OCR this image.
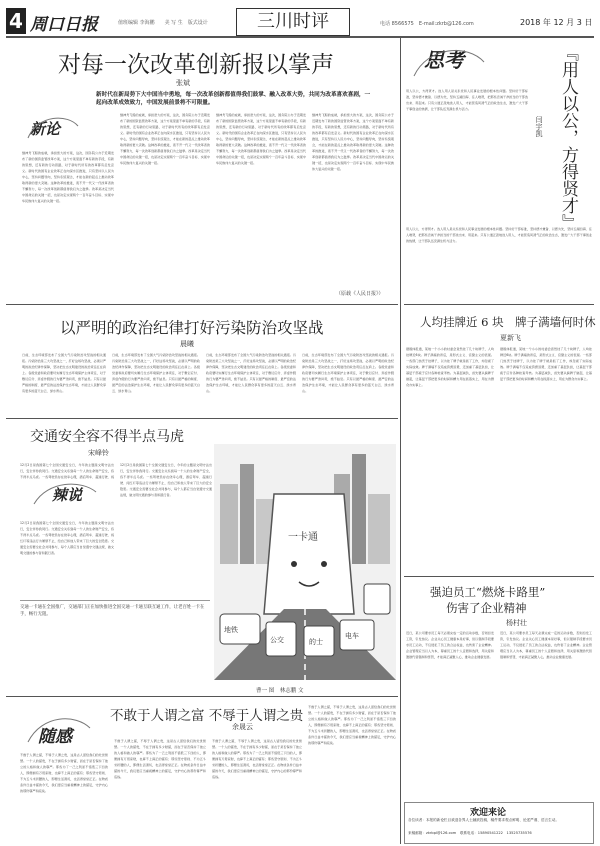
4 周口日报	值班编辑 李海鹏　　美 写 生　版式设计	三川时评	电话 8566575　E-mail:zkrb@126.com	2018 年 12 月 3 日
对每一次改革创新报以掌声
张斌
新时代在新局势下大中国当中勇地，每一次改革创新都值得我们鼓掌、融入改革大势，共同为改革喜欢喜剧，一起向改革成效致力，中国发展前景将不可限量。
新论
继神舟飞船的成就，承担宽大的方案，这次，国务院公办于近期发布了新的国资监管改革方案，这个方案里面不单有新的手段，有新的思想，还有新的行动思路，对于新时代所有的改革都有启发意义。新时代的国有企业改革正在向深水区推进，只有坚持以人民为中心，坚持问题导向，坚持系统观念，才能在新的起点上推动改革取得新的更大突破。这种改革的推进，离不开一代又一代改革者的不懈努力，每一次改革创新都值得我们为之鼓掌。改革是决定当代中国命运的关键一招，也是决定实现两个一百年奋斗目标、实现中华民族伟大复兴的关键一招。
继神舟飞船的成就，承担宽大的方案，这次，国务院公办于近期发布了新的国资监管改革方案，这个方案里面不单有新的手段，有新的思想，还有新的行动思路，对于新时代所有的改革都有启发意义。新时代的国有企业改革正在向深水区推进，只有坚持以人民为中心，坚持问题导向，坚持系统观念，才能在新的起点上推动改革取得新的更大突破。这种改革的推进，离不开一代又一代改革者的不懈努力，每一次改革创新都值得我们为之鼓掌。改革是决定当代中国命运的关键一招，也是决定实现两个一百年奋斗目标、实现中华民族伟大复兴的关键一招。
继神舟飞船的成就，承担宽大的方案，这次，国务院公办于近期发布了新的国资监管改革方案，这个方案里面不单有新的手段，有新的思想，还有新的行动思路，对于新时代所有的改革都有启发意义。新时代的国有企业改革正在向深水区推进，只有坚持以人民为中心，坚持问题导向，坚持系统观念，才能在新的起点上推动改革取得新的更大突破。这种改革的推进，离不开一代又一代改革者的不懈努力，每一次改革创新都值得我们为之鼓掌。改革是决定当代中国命运的关键一招，也是决定实现两个一百年奋斗目标、实现中华民族伟大复兴的关键一招。
继神舟飞船的成就，承担宽大的方案，这次，国务院公办于近期发布了新的国资监管改革方案，这个方案里面不单有新的手段，有新的思想，还有新的行动思路，对于新时代所有的改革都有启发意义。新时代的国有企业改革正在向深水区推进，只有坚持以人民为中心，坚持问题导向，坚持系统观念，才能在新的起点上推动改革取得新的更大突破。这种改革的推进，离不开一代又一代改革者的不懈努力，每一次改革创新都值得我们为之鼓掌。改革是决定当代中国命运的关键一招，也是决定实现两个一百年奋斗目标、实现中华民族伟大复兴的关键一招。
（原载《人民日报》）
以严明的政治纪律打好污染防治攻坚战
晨曦
日前，生态环境部发布了全国大气污染防治攻坚战的相关通报。污染防治是三大攻坚战之一，打好这场攻坚战，必须以严明的政治纪律作保障，坚决把生态文明建设的政治责任扛在肩上。各级党委和政府要切实履行生态环境保护主体责任，对于敷衍应付、弄虚作假的行为要严肃问责，绝不姑息。只有以最严格的制度、最严密的法治保护生态环境，才能让人民群众享有更多的蓝天白云、绿水青山。
日前，生态环境部发布了全国大气污染防治攻坚战的相关通报。污染防治是三大攻坚战之一，打好这场攻坚战，必须以严明的政治纪律作保障，坚决把生态文明建设的政治责任扛在肩上。各级党委和政府要切实履行生态环境保护主体责任，对于敷衍应付、弄虚作假的行为要严肃问责，绝不姑息。只有以最严格的制度、最严密的法治保护生态环境，才能让人民群众享有更多的蓝天白云、绿水青山。
日前，生态环境部发布了全国大气污染防治攻坚战的相关通报。污染防治是三大攻坚战之一，打好这场攻坚战，必须以严明的政治纪律作保障，坚决把生态文明建设的政治责任扛在肩上。各级党委和政府要切实履行生态环境保护主体责任，对于敷衍应付、弄虚作假的行为要严肃问责，绝不姑息。只有以最严格的制度、最严密的法治保护生态环境，才能让人民群众享有更多的蓝天白云、绿水青山。
日前，生态环境部发布了全国大气污染防治攻坚战的相关通报。污染防治是三大攻坚战之一，打好这场攻坚战，必须以严明的政治纪律作保障，坚决把生态文明建设的政治责任扛在肩上。各级党委和政府要切实履行生态环境保护主体责任，对于敷衍应付、弄虚作假的行为要严肃问责，绝不姑息。只有以最严格的制度、最严密的法治保护生态环境，才能让人民群众享有更多的蓝天白云、绿水青山。
交通安全容不得半点马虎
宋峰铃
12月2日是我国第七个全国交通安全日，今年的主题是文明守法出行，安全伴你我同行。交通安全关系到每一个人的生命财产安全，容不得半点马虎。一些驾驶员存在侥幸心理，酒后驾车、超速行驶、闯
辣说
12月2日是我国第七个全国交通安全日，今年的主题是文明守法出行，安全伴你我同行。交通安全关系到每一个人的生命财产安全，容不得半点马虎。一些驾驶员存在侥幸心理，酒后驾车、超速行驶、闯红灯等违法行为屡禁不止，给自己和他人带来了巨大的安全隐患。交通安全需要全社会共同参与，每个人都应当自觉遵守交通法规，做文明交通的参与者和践行者。
12月2日是我国第七个全国交通安全日，今年的主题是文明守法出行，安全伴你我同行。交通安全关系到每一个人的生命财产安全，容不得半点马虎。一些驾驶员存在侥幸心理，酒后驾车、超速行驶、闯红灯等违法行为屡禁不止，给自己和他人带来了巨大的安全隐患。交通安全需要全社会共同参与，每个人都应当自觉遵守交通法规，做文明交通的参与者和践行者。
一卡通
公交	的士
地铁
电车
交通一卡通在全国推广，交通部门正在加快推进全国交通一卡通互联互通工作，让老百姓一卡在手，畅行无阻。
曹一 图　林志鹏 文
随感
不敢于人谓之富 不辱于人谓之贵
余晟云
不敢于人谓之富，不辱于人谓之贵，这是古人留给我们的处世智慧。一个人的富贵，不在于拥有多少财富，而在于是否保持了独立的人格和做人的尊严。那些为了一己之利而不惜低三下四的人，即便拥有万贯家财，也算不上真正的富有；那些坚守原则、不为五斗米折腰的人，即便生活清贫，也活得堂堂正正。在物质条件日益丰富的今天，我们更应当重视精神上的富足，守护内心的那份尊严和底线。
不敢于人谓之富，不辱于人谓之贵，这是古人留给我们的处世智慧。一个人的富贵，不在于拥有多少财富，而在于是否保持了独立的人格和做人的尊严。那些为了一己之利而不惜低三下四的人，即便拥有万贯家财，也算不上真正的富有；那些坚守原则、不为五斗米折腰的人，即便生活清贫，也活得堂堂正正。在物质条件日益丰富的今天，我们更应当重视精神上的富足，守护内心的那份尊严和底线。
不敢于人谓之富，不辱于人谓之贵，这是古人留给我们的处世智慧。一个人的富贵，不在于拥有多少财富，而在于是否保持了独立的人格和做人的尊严。那些为了一己之利而不惜低三下四的人，即便拥有万贯家财，也算不上真正的富有；那些坚守原则、不为五斗米折腰的人，即便生活清贫，也活得堂堂正正。在物质条件日益丰富的今天，我们更应当重视精神上的富足，守护内心的那份尊严和底线。
不敢于人谓之富，不辱于人谓之贵，这是古人留给我们的处世智慧。一个人的富贵，不在于拥有多少财富，而在于是否保持了独立的人格和做人的尊严。那些为了一己之利而不惜低三下四的人，即便拥有万贯家财，也算不上真正的富有；那些坚守原则、不为五斗米折腰的人，即便生活清贫，也活得堂堂正正。在物质条件日益丰富的今天，我们更应当重视精神上的富足，守护内心的那份尊严和底线。
思考	『用人以公，方得贤才』
闫宇凯
用人以公，方得贤才。选人用人是关系党和人民事业发展的根本性问题。坚持好干部标准，坚持德才兼备、以德为先，坚持五湖四海、任人唯贤，把那些忠诚干净担当的干部选出来、用起来。只有公道正派地选人用人，才能营造风清气正的政治生态，激发广大干部干事创业的热情，让干部队伍充满生机与活力。
用人以公，方得贤才。选人用人是关系党和人民事业发展的根本性问题。坚持好干部标准，坚持德才兼备、以德为先，坚持五湖四海、任人唯贤，把那些忠诚干净担当的干部选出来、用起来。只有公道正派地选人用人，才能营造风清气正的政治生态，激发广大干部干事创业的热情，让干部队伍充满生机与活力。
人均挂牌近 6 块　牌子满墙何时休
夏新飞
据媒体报道，某地一个小小的村委会竟然挂了几十块牌子，人均挂牌近6块。牌子满墙的背后，是形式主义、官僚主义的表现。一些部门热衷于挂牌子，以为挂了牌子就是抓了工作，却忽视了实际成效。牌子满墙不仅造成资源浪费，还加重了基层负担，让基层干部疲于应付各种检查考核。为基层减负，首先要从摘牌子做起，让基层干部把更多的时间和精力用在抓落实上，用在为群众办实事上。
据媒体报道，某地一个小小的村委会竟然挂了几十块牌子，人均挂牌近6块。牌子满墙的背后，是形式主义、官僚主义的表现。一些部门热衷于挂牌子，以为挂了牌子就是抓了工作，却忽视了实际成效。牌子满墙不仅造成资源浪费，还加重了基层负担，让基层干部疲于应付各种检查考核。为基层减负，首先要从摘牌子做起，让基层干部把更多的时间和精力用在抓落实上，用在为群众办实事上。
强迫员工“燃烧卡路里”
伤害了企业精神
杨村壮
近日，某公司要求员工每天必须完成一定的运动步数，否则扣发工资，引发热议。企业关心员工健康本是好事，但以强制手段要求员工运动，不仅侵犯了员工的合法权益，也伤害了企业精神。企业管理应当以人为本，尊重员工的个人意愿和选择，用关爱和激励代替强制和惩罚，才能真正凝聚人心，推动企业健康发展。
近日，某公司要求员工每天必须完成一定的运动步数，否则扣发工资，引发热议。企业关心员工健康本是好事，但以强制手段要求员工运动，不仅侵犯了员工的合法权益，也伤害了企业精神。企业管理应当以人为本，尊重员工的个人意愿和选择，用关爱和激励代替强制和惩罚，才能真正凝聚人心，推动企业健康发展。
欢迎来论
各位读者：本报的新论栏目欢迎各界人士踊跃投稿，稿件要求观点鲜明、论述严谨、语言生动。
来稿邮箱：zkrbpl@126.com　联系电话：15890541222　13525735576
